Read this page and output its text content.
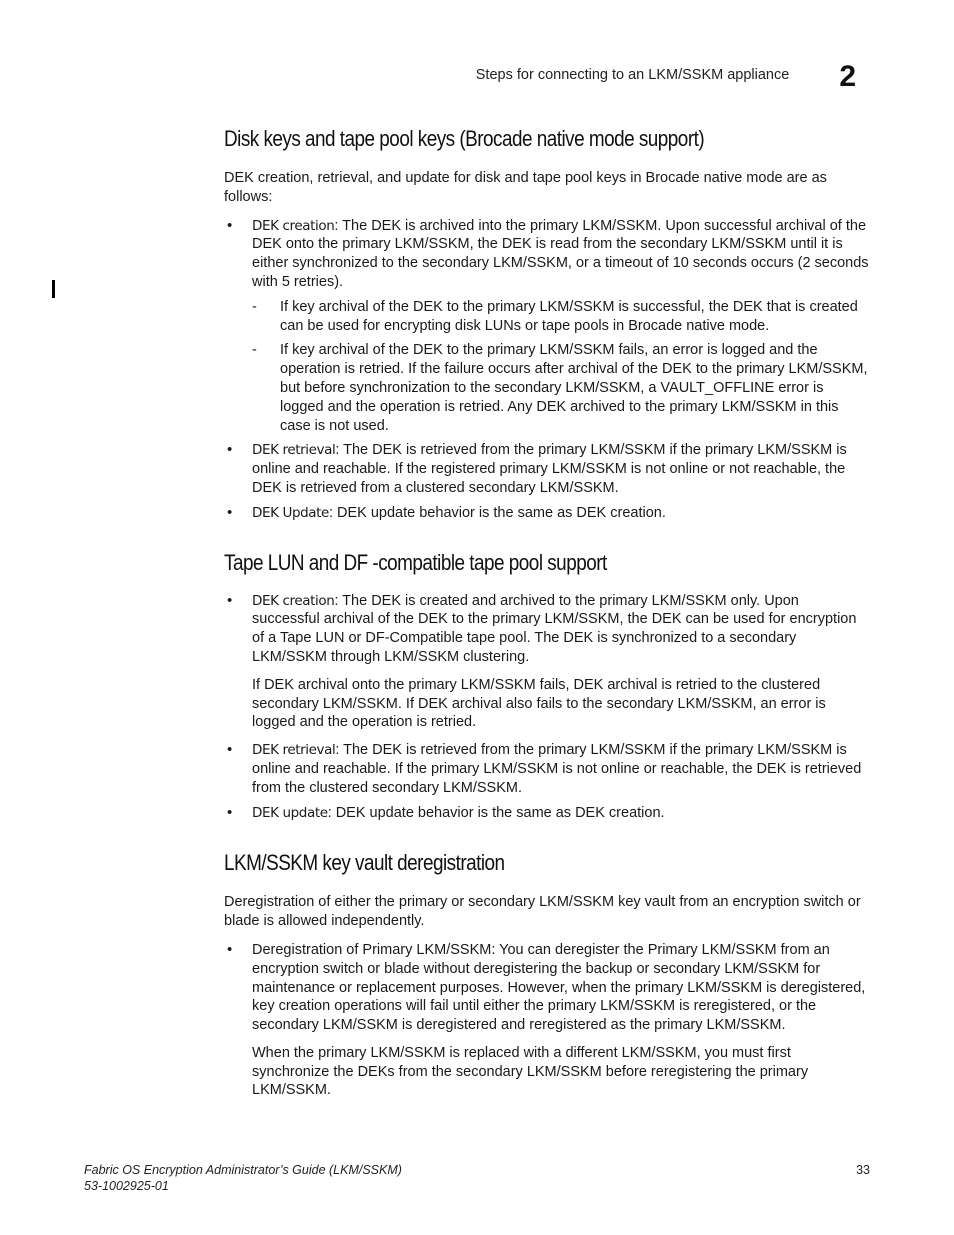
Steps for connecting to an LKM/SSKM appliance 2
Disk keys and tape pool keys (Brocade native mode support)

DEK creation, retrieval, and update for disk and tape pool keys in Brocade native mode are as follows:

• DEK creation: The DEK is archived into the primary LKM/SSKM. Upon successful archival of the DEK onto the primary LKM/SSKM, the DEK is read from the secondary LKM/SSKM until it is either synchronized to the secondary LKM/SSKM, or a timeout of 10 seconds occurs (2 seconds with 5 retries).
- If key archival of the DEK to the primary LKM/SSKM is successful, the DEK that is created can be used for encrypting disk LUNs or tape pools in Brocade native mode.
- If key archival of the DEK to the primary LKM/SSKM fails, an error is logged and the operation is retried. If the failure occurs after archival of the DEK to the primary LKM/SSKM, but before synchronization to the secondary LKM/SSKM, a VAULT_OFFLINE error is logged and the operation is retried. Any DEK archived to the primary LKM/SSKM in this case is not used.
• DEK retrieval: The DEK is retrieved from the primary LKM/SSKM if the primary LKM/SSKM is online and reachable. If the registered primary LKM/SSKM is not online or not reachable, the DEK is retrieved from a clustered secondary LKM/SSKM.
• DEK Update: DEK update behavior is the same as DEK creation.
Tape LUN and DF -compatible tape pool support
• DEK creation: The DEK is created and archived to the primary LKM/SSKM only. Upon successful archival of the DEK to the primary LKM/SSKM, the DEK can be used for encryption of a Tape LUN or DF-Compatible tape pool. The DEK is synchronized to a secondary LKM/SSKM through LKM/SSKM clustering.

If DEK archival onto the primary LKM/SSKM fails, DEK archival is retried to the clustered secondary LKM/SSKM. If DEK archival also fails to the secondary LKM/SSKM, an error is logged and the operation is retried.

• DEK retrieval: The DEK is retrieved from the primary LKM/SSKM if the primary LKM/SSKM is online and reachable. If the primary LKM/SSKM is not online or reachable, the DEK is retrieved from the clustered secondary LKM/SSKM.
• DEK update: DEK update behavior is the same as DEK creation.
LKM/SSKM key vault deregistration

Deregistration of either the primary or secondary LKM/SSKM key vault from an encryption switch or blade is allowed independently.

• Deregistration of Primary LKM/SSKM: You can deregister the Primary LKM/SSKM from an encryption switch or blade without deregistering the backup or secondary LKM/SSKM for maintenance or replacement purposes. However, when the primary LKM/SSKM is deregistered, key creation operations will fail until either the primary LKM/SSKM is reregistered, or the secondary LKM/SSKM is deregistered and reregistered as the primary LKM/SSKM.

When the primary LKM/SSKM is replaced with a different LKM/SSKM, you must first synchronize the DEKs from the secondary LKM/SSKM before reregistering the primary LKM/SSKM.

Fabric OS Encryption Administrator’s Guide (LKM/SSKM)
53-1002925-01
33
